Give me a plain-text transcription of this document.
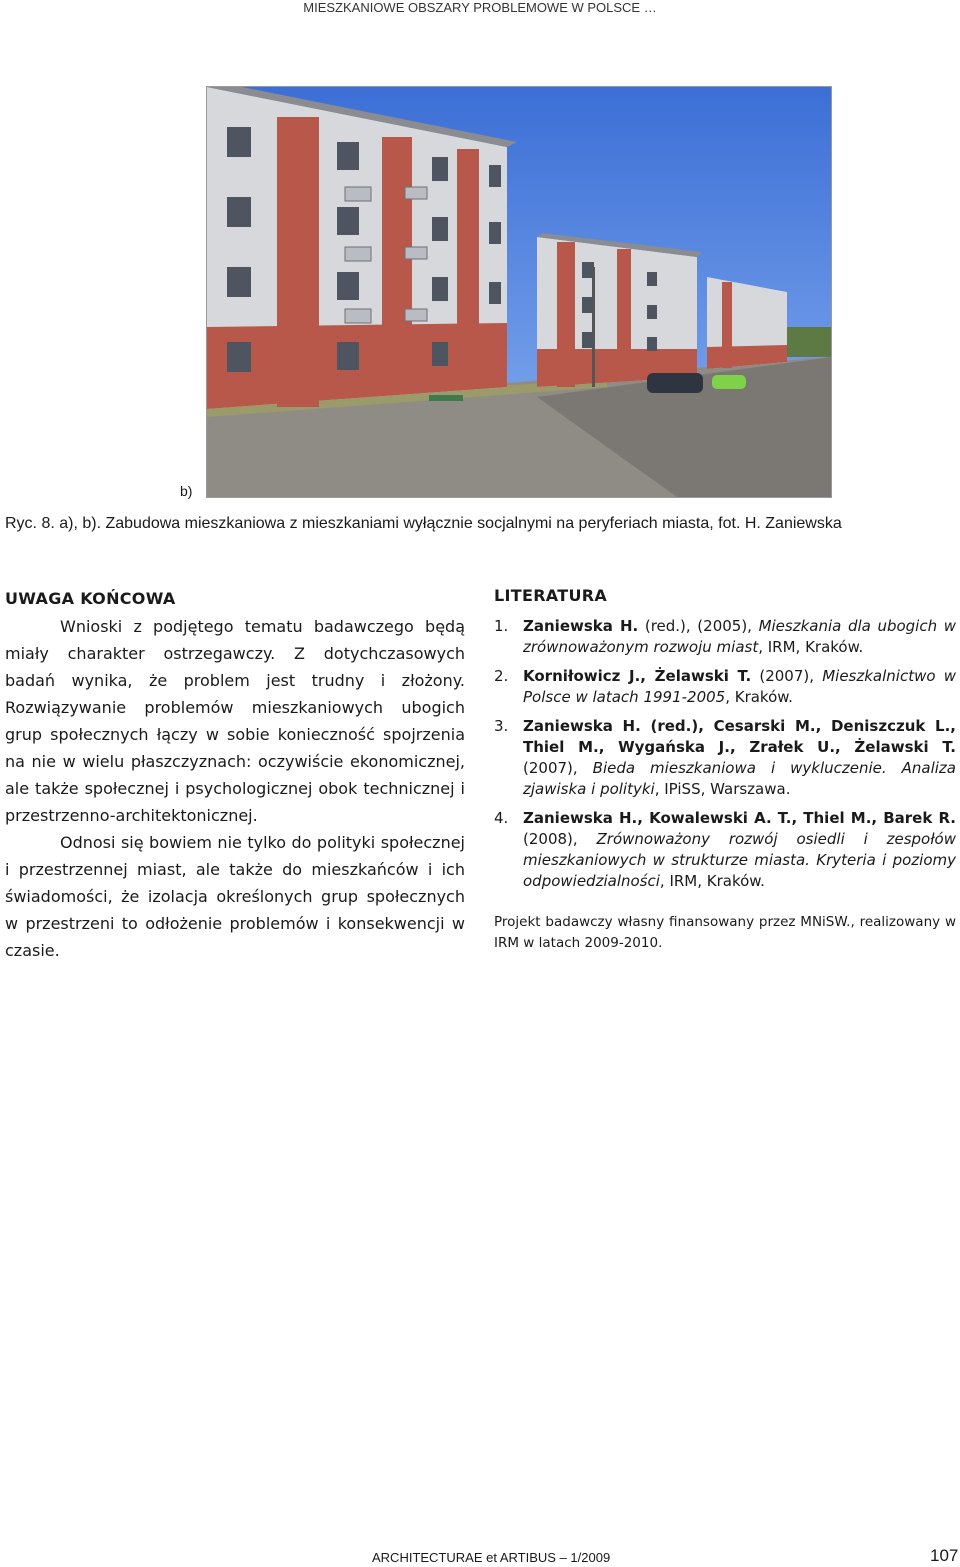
MIESZKANIOWE OBSZARY PROBLEMOWE W POLSCE …
b)
Ryc. 8. a), b). Zabudowa mieszkaniowa z mieszkaniami wyłącznie socjalnymi na peryferiach miasta, fot. H. Zaniewska
UWAGA KOŃCOWA

Wnioski z podjętego tematu badawczego będą miały charakter ostrzegawczy. Z dotychczasowych badań wynika, że problem jest trudny i złożony. Rozwiązywanie problemów mieszkaniowych ubogich grup społecznych łączy w sobie konieczność spojrzenia na nie w wielu płaszczyznach: oczywiście ekonomicznej, ale także społecznej i psychologicznej obok technicznej i przestrzenno-architektonicznej.

Odnosi się bowiem nie tylko do polityki społecznej i przestrzennej miast, ale także do mieszkańców i ich świadomości, że izolacja określonych grup społecznych w przestrzeni to odłożenie problemów i konsekwencji w czasie.

LITERATURA
1. Zaniewska H. (red.), (2005), Mieszkania dla ubogich w zrównoważonym rozwoju miast, IRM, Kraków.
2. Korniłowicz J., Żelawski T. (2007), Mieszkalnictwo w Polsce w latach 1991-2005, Kraków.
3. Zaniewska H. (red.), Cesarski M., Deniszczuk L., Thiel M., Wygańska J., Zrałek U., Żelawski T. (2007), Bieda mieszkaniowa i wykluczenie. Analiza zjawiska i polityki, IPiSS, Warszawa.
4. Zaniewska H., Kowalewski A. T., Thiel M., Barek R. (2008), Zrównoważony rozwój osiedli i zespołów mieszkaniowych w strukturze miasta. Kryteria i poziomy odpowiedzialności, IRM, Kraków.
Projekt badawczy własny finansowany przez MNiSW., realizowany w IRM w latach 2009-2010.
ARCHITECTURAE et ARTIBUS – 1/2009	107
